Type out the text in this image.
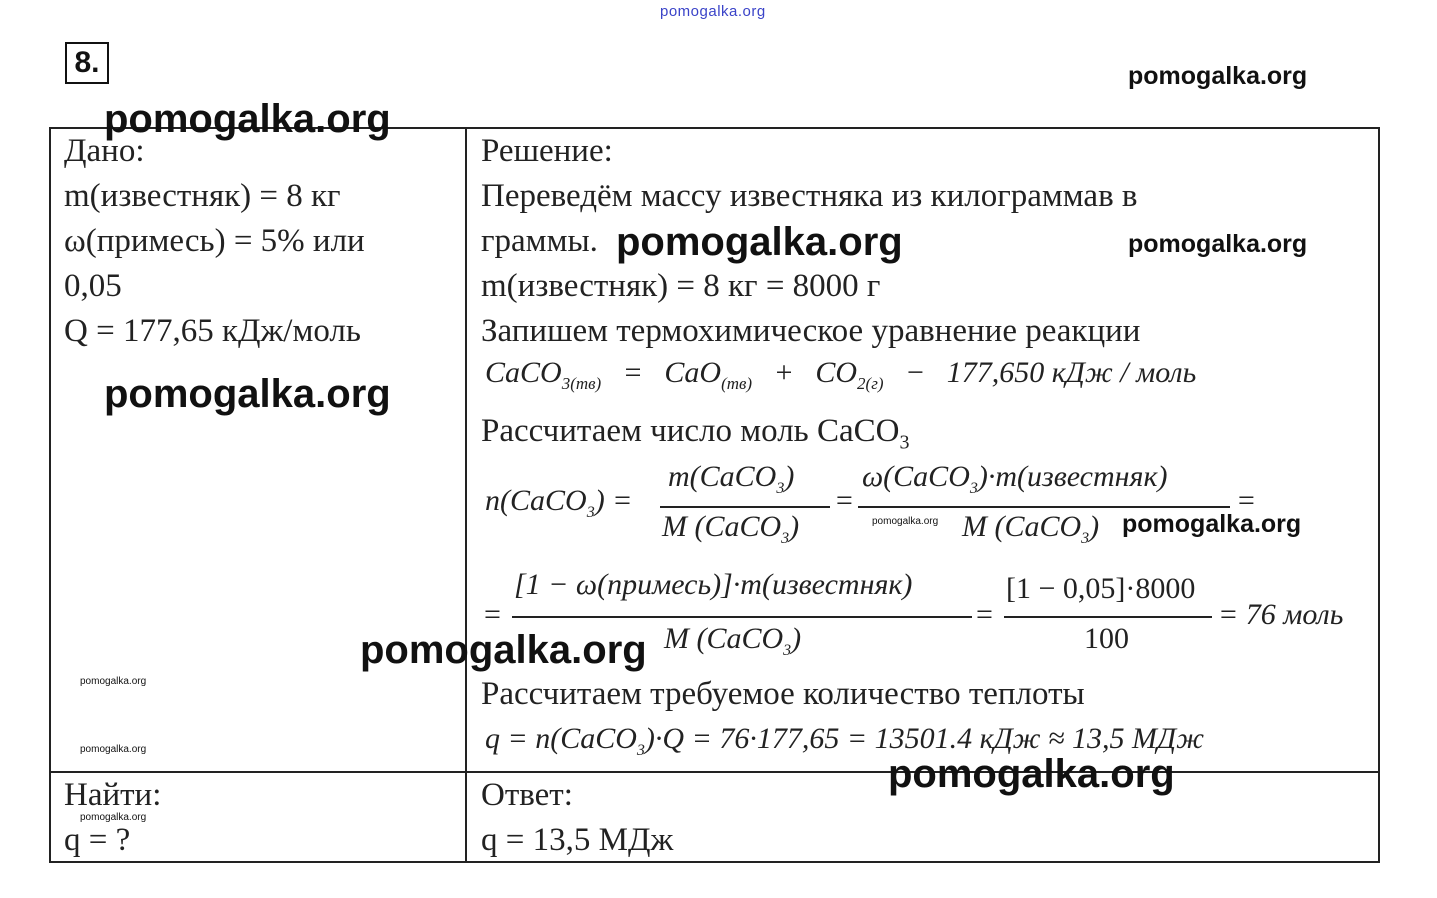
pomogalka.org
8.
Дано:
m(известняк) = 8 кг
ω(примесь) = 5% или
0,05
Q = 177,65 кДж/моль
Найти:
q = ?
Решение:
Переведём массу известняка из килограммав в
граммы.
m(известняк) = 8 кг = 8000 г
Запишем термохимическое уравнение реакции
CaCO$_{3(тв)}$ = $CaO_{(тв)} + CO_{2(г)} - 177,650$ кДж / моль
Рассчитаем число моль CaCO$_3$
n(CaCO$_3$) =
m(CaCO$_3$)
M (CaCO$_3$)
=
ω(CaCO$_3$)·m(известняк)
M (CaCO$_3$)
=
=
[1 − ω(примесь)]·m(известняк)
M (CaCO$_3$)
=
[1 − 0,05]·8000
100
= 76 моль
Рассчитаем требуемое количество теплоты
q = n(CaCO$_3$)·Q = 76·177,65 = 13501.4 кДж ≈ 13,5 МДж
Ответ:
q = 13,5 МДж
pomogalka.org
pomogalka.org
pomogalka.org	pomogalka.org
pomogalka.org
pomogalka.org
pomogalka.org
pomogalka.org
pomogalka.org
pomogalka.org
pomogalka.org
pomogalka.org
